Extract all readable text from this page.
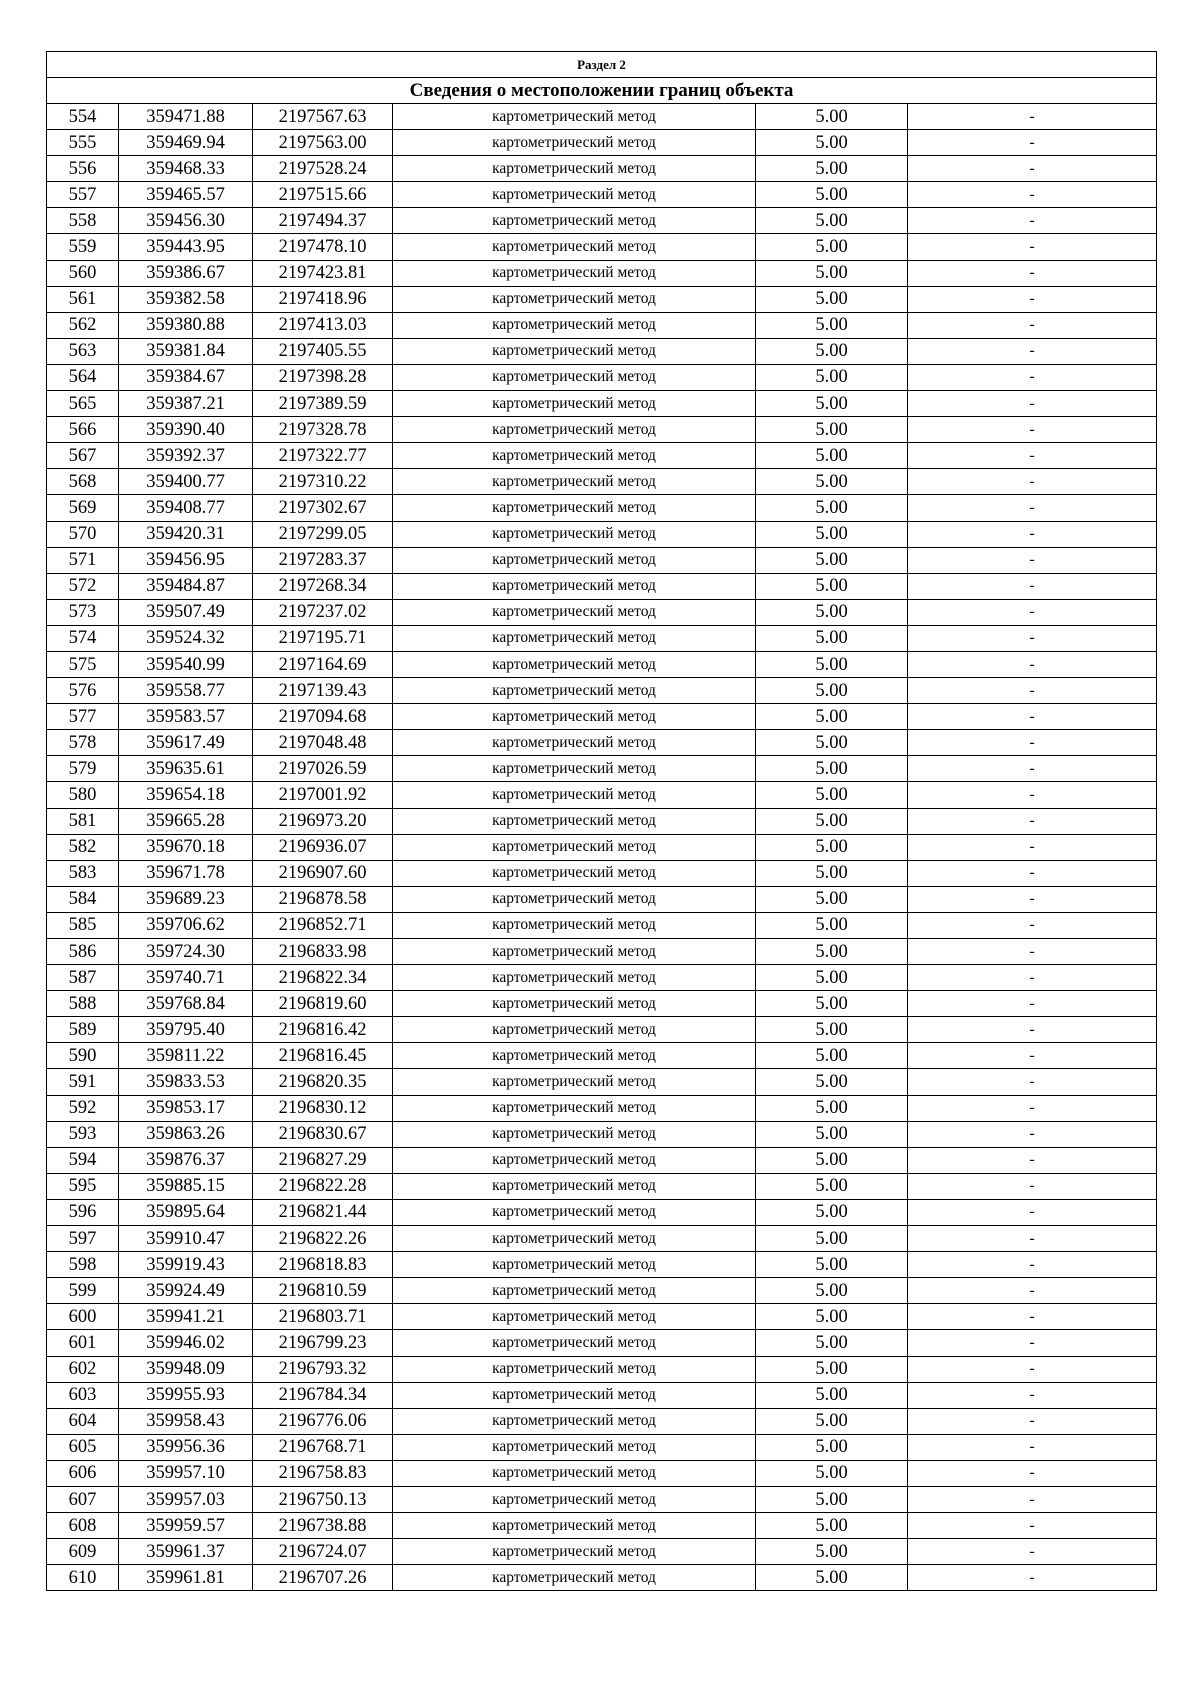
Раздел 2					
Сведения о местоположении границ объекта					
554	359471.88	2197567.63	картометрический метод	5.00	-
555	359469.94	2197563.00	картометрический метод	5.00	-
556	359468.33	2197528.24	картометрический метод	5.00	-
557	359465.57	2197515.66	картометрический метод	5.00	-
558	359456.30	2197494.37	картометрический метод	5.00	-
559	359443.95	2197478.10	картометрический метод	5.00	-
560	359386.67	2197423.81	картометрический метод	5.00	-
561	359382.58	2197418.96	картометрический метод	5.00	-
562	359380.88	2197413.03	картометрический метод	5.00	-
563	359381.84	2197405.55	картометрический метод	5.00	-
564	359384.67	2197398.28	картометрический метод	5.00	-
565	359387.21	2197389.59	картометрический метод	5.00	-
566	359390.40	2197328.78	картометрический метод	5.00	-
567	359392.37	2197322.77	картометрический метод	5.00	-
568	359400.77	2197310.22	картометрический метод	5.00	-
569	359408.77	2197302.67	картометрический метод	5.00	-
570	359420.31	2197299.05	картометрический метод	5.00	-
571	359456.95	2197283.37	картометрический метод	5.00	-
572	359484.87	2197268.34	картометрический метод	5.00	-
573	359507.49	2197237.02	картометрический метод	5.00	-
574	359524.32	2197195.71	картометрический метод	5.00	-
575	359540.99	2197164.69	картометрический метод	5.00	-
576	359558.77	2197139.43	картометрический метод	5.00	-
577	359583.57	2197094.68	картометрический метод	5.00	-
578	359617.49	2197048.48	картометрический метод	5.00	-
579	359635.61	2197026.59	картометрический метод	5.00	-
580	359654.18	2197001.92	картометрический метод	5.00	-
581	359665.28	2196973.20	картометрический метод	5.00	-
582	359670.18	2196936.07	картометрический метод	5.00	-
583	359671.78	2196907.60	картометрический метод	5.00	-
584	359689.23	2196878.58	картометрический метод	5.00	-
585	359706.62	2196852.71	картометрический метод	5.00	-
586	359724.30	2196833.98	картометрический метод	5.00	-
587	359740.71	2196822.34	картометрический метод	5.00	-
588	359768.84	2196819.60	картометрический метод	5.00	-
589	359795.40	2196816.42	картометрический метод	5.00	-
590	359811.22	2196816.45	картометрический метод	5.00	-
591	359833.53	2196820.35	картометрический метод	5.00	-
592	359853.17	2196830.12	картометрический метод	5.00	-
593	359863.26	2196830.67	картометрический метод	5.00	-
594	359876.37	2196827.29	картометрический метод	5.00	-
595	359885.15	2196822.28	картометрический метод	5.00	-
596	359895.64	2196821.44	картометрический метод	5.00	-
597	359910.47	2196822.26	картометрический метод	5.00	-
598	359919.43	2196818.83	картометрический метод	5.00	-
599	359924.49	2196810.59	картометрический метод	5.00	-
600	359941.21	2196803.71	картометрический метод	5.00	-
601	359946.02	2196799.23	картометрический метод	5.00	-
602	359948.09	2196793.32	картометрический метод	5.00	-
603	359955.93	2196784.34	картометрический метод	5.00	-
604	359958.43	2196776.06	картометрический метод	5.00	-
605	359956.36	2196768.71	картометрический метод	5.00	-
606	359957.10	2196758.83	картометрический метод	5.00	-
607	359957.03	2196750.13	картометрический метод	5.00	-
608	359959.57	2196738.88	картометрический метод	5.00	-
609	359961.37	2196724.07	картометрический метод	5.00	-
610	359961.81	2196707.26	картометрический метод	5.00	-
